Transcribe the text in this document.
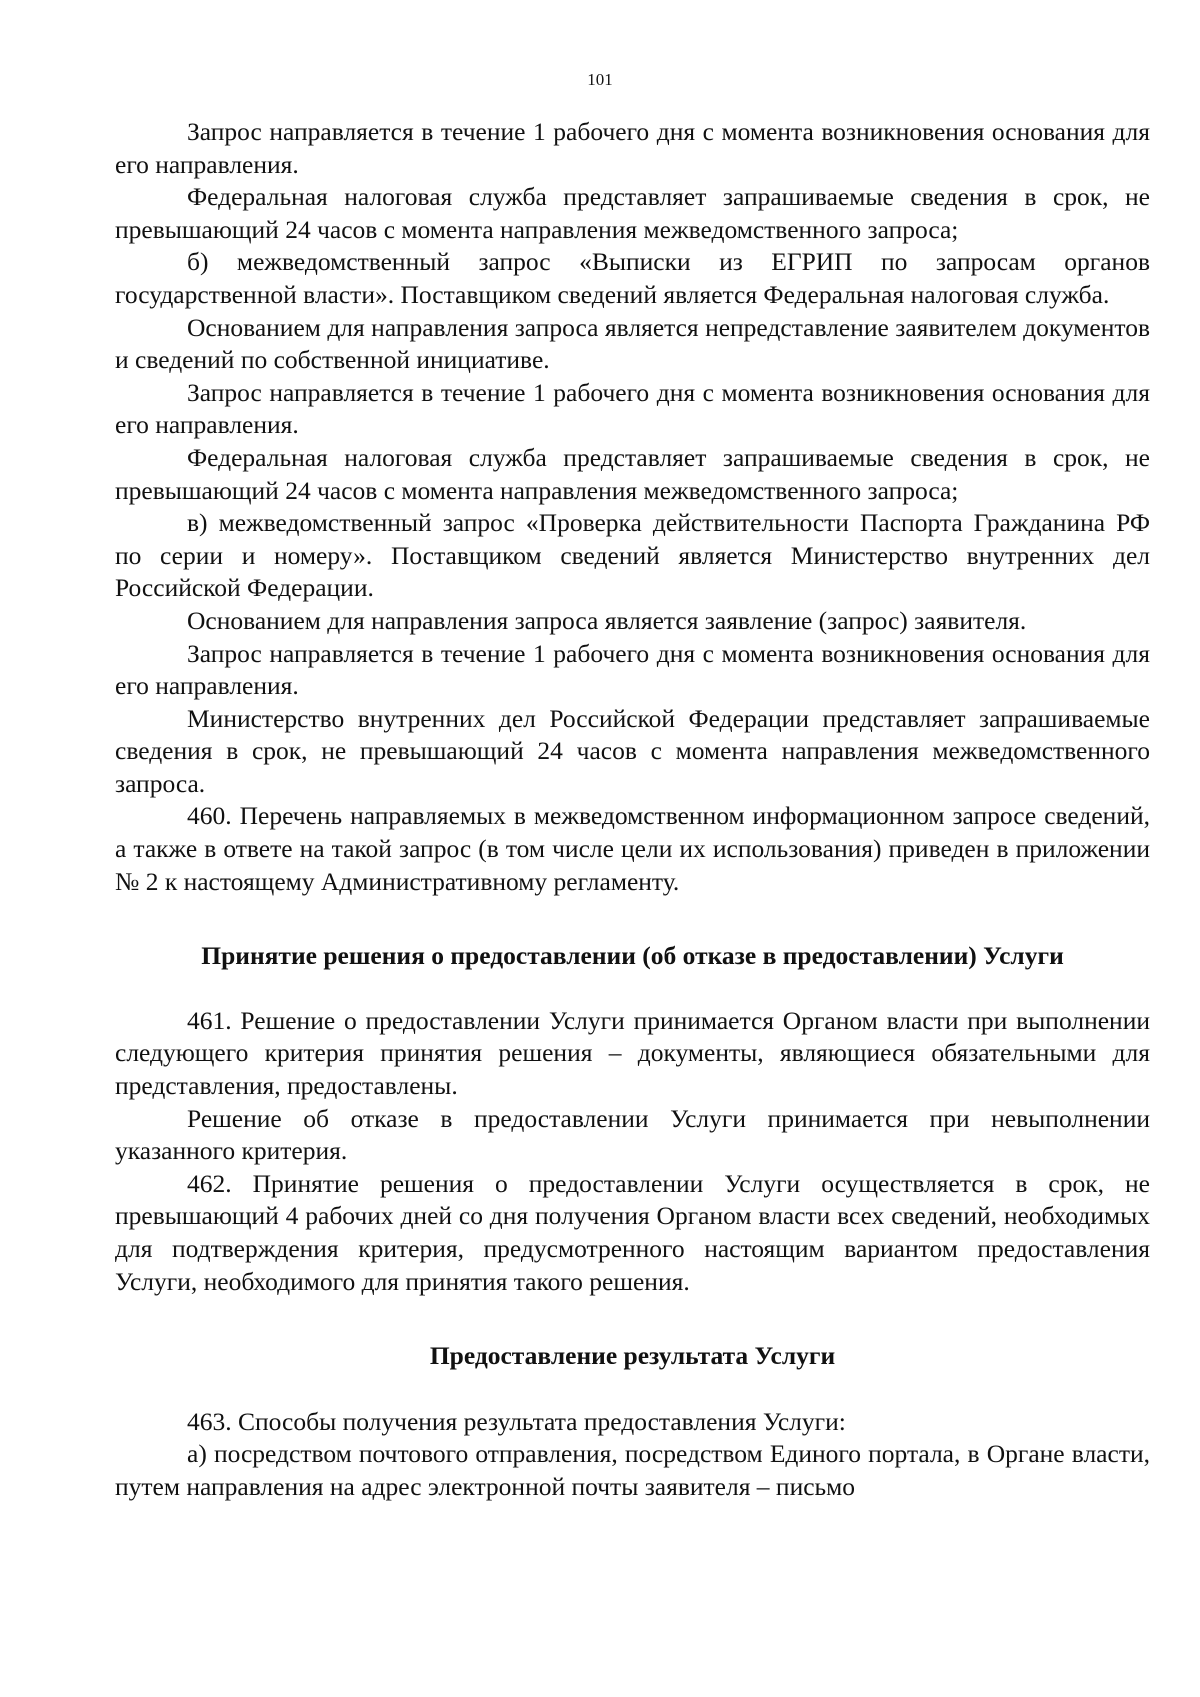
101

Запрос направляется в течение 1 рабочего дня с момента возникновения основания для его направления.

Федеральная налоговая служба представляет запрашиваемые сведения в срок, не превышающий 24 часов с момента направления межведомственного запроса;

б) межведомственный запрос «Выписки из ЕГРИП по запросам органов государственной власти». Поставщиком сведений является Федеральная налоговая служба.

Основанием для направления запроса является непредставление заявителем документов и сведений по собственной инициативе.

Запрос направляется в течение 1 рабочего дня с момента возникновения основания для его направления.

Федеральная налоговая служба представляет запрашиваемые сведения в срок, не превышающий 24 часов с момента направления межведомственного запроса;

в) межведомственный запрос «Проверка действительности Паспорта Гражданина РФ по серии и номеру». Поставщиком сведений является Министерство внутренних дел Российской Федерации.

Основанием для направления запроса является заявление (запрос) заявителя.

Запрос направляется в течение 1 рабочего дня с момента возникновения основания для его направления.

Министерство внутренних дел Российской Федерации представляет запрашиваемые сведения в срок, не превышающий 24 часов с момента направления межведомственного запроса.

460. Перечень направляемых в межведомственном информационном запросе сведений, а также в ответе на такой запрос (в том числе цели их использования) приведен в приложении № 2 к настоящему Административному регламенту.

Принятие решения о предоставлении (об отказе в предоставлении) Услуги

461. Решение о предоставлении Услуги принимается Органом власти при выполнении следующего критерия принятия решения – документы, являющиеся обязательными для представления, предоставлены.

Решение об отказе в предоставлении Услуги принимается при невыполнении указанного критерия.

462. Принятие решения о предоставлении Услуги осуществляется в срок, не превышающий 4 рабочих дней со дня получения Органом власти всех сведений, необходимых для подтверждения критерия, предусмотренного настоящим вариантом предоставления Услуги, необходимого для принятия такого решения.

Предоставление результата Услуги

463. Способы получения результата предоставления Услуги:

а) посредством почтового отправления, посредством Единого портала, в Органе власти, путем направления на адрес электронной почты заявителя – письмо
